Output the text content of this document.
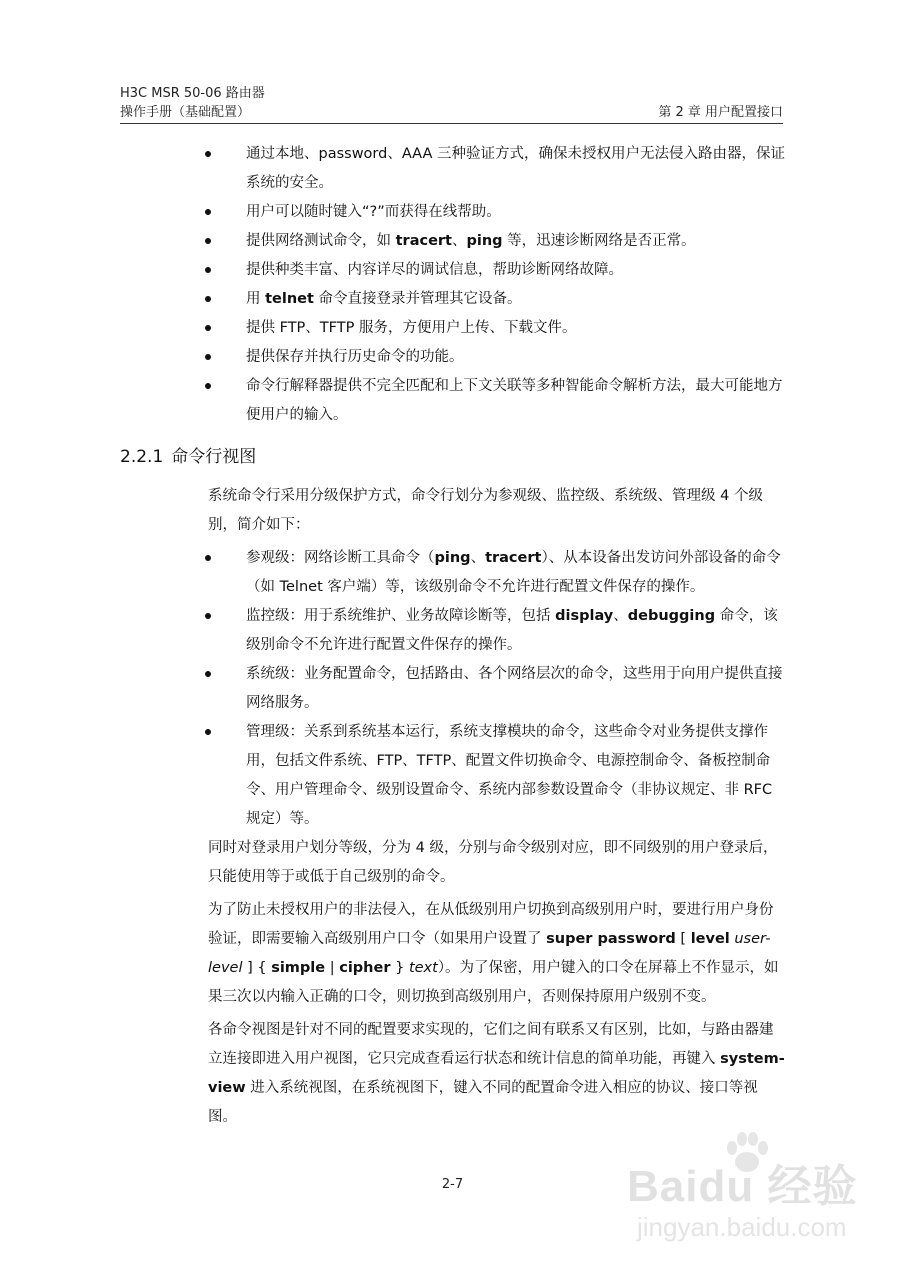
H3C MSR 50-06 路由器
操作手册（基础配置）	第 2 章 用户配置接口
通过本地、password、AAA 三种验证方式，确保未授权用户无法侵入路由器，保证系统的安全。
用户可以随时键入“?”而获得在线帮助。
提供网络测试命令，如 tracert、ping 等，迅速诊断网络是否正常。
提供种类丰富、内容详尽的调试信息，帮助诊断网络故障。
用 telnet 命令直接登录并管理其它设备。
提供 FTP、TFTP 服务，方便用户上传、下载文件。
提供保存并执行历史命令的功能。
命令行解释器提供不完全匹配和上下文关联等多种智能命令解析方法，最大可能地方便用户的输入。
2.2.1 命令行视图

系统命令行采用分级保护方式，命令行划分为参观级、监控级、系统级、管理级 4 个级别，简介如下：

参观级：网络诊断工具命令（ping、tracert）、从本设备出发访问外部设备的命令（如 Telnet 客户端）等，该级别命令不允许进行配置文件保存的操作。
监控级：用于系统维护、业务故障诊断等，包括 display、debugging 命令，该级别命令不允许进行配置文件保存的操作。
系统级：业务配置命令，包括路由、各个网络层次的命令，这些用于向用户提供直接网络服务。
管理级：关系到系统基本运行，系统支撑模块的命令，这些命令对业务提供支撑作用，包括文件系统、FTP、TFTP、配置文件切换命令、电源控制命令、备板控制命令、用户管理命令、级别设置命令、系统内部参数设置命令（非协议规定、非 RFC 规定）等。

同时对登录用户划分等级，分为 4 级，分别与命令级别对应，即不同级别的用户登录后，只能使用等于或低于自己级别的命令。

为了防止未授权用户的非法侵入，在从低级别用户切换到高级别用户时，要进行用户身份验证，即需要输入高级别用户口令（如果用户设置了 super password [ level user-level ] { simple | cipher } text）。为了保密，用户键入的口令在屏幕上不作显示，如果三次以内输入正确的口令，则切换到高级别用户，否则保持原用户级别不变。

各命令视图是针对不同的配置要求实现的，它们之间有联系又有区别，比如，与路由器建立连接即进入用户视图，它只完成查看运行状态和统计信息的简单功能，再键入 system-view 进入系统视图，在系统视图下，键入不同的配置命令进入相应的协议、接口等视图。

2-7	Baidu 经验
jingyan.baidu.com
